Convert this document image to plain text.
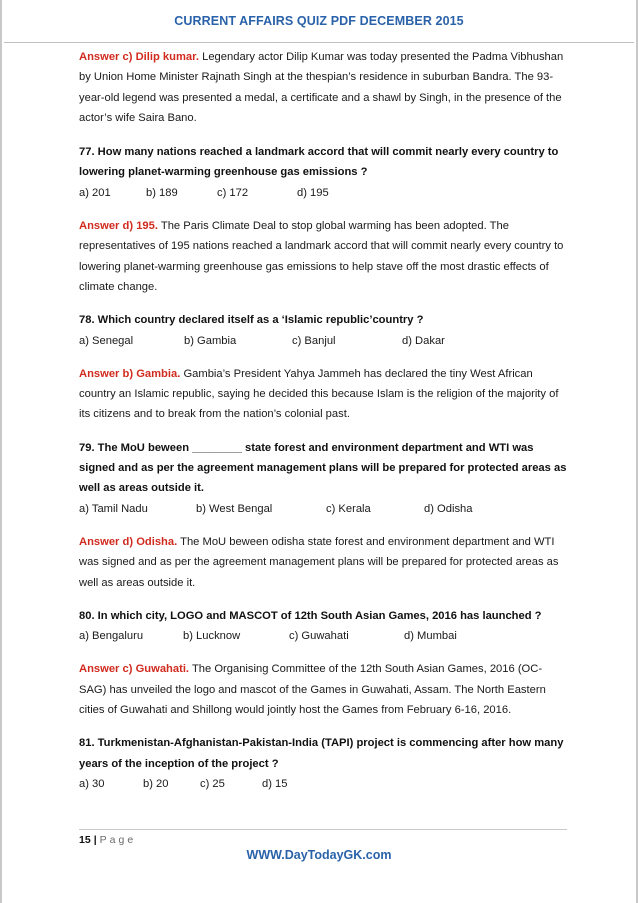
CURRENT AFFAIRS QUIZ PDF DECEMBER 2015
Answer c) Dilip kumar. Legendary actor Dilip Kumar was today presented the Padma Vibhushan by Union Home Minister Rajnath Singh at the thespian’s residence in suburban Bandra. The 93-year-old legend was presented a medal, a certificate and a shawl by Singh, in the presence of the actor’s wife Saira Bano.
77. How many nations reached a landmark accord that will commit nearly every country to lowering planet-warming greenhouse gas emissions ?
a) 201	b) 189	c) 172	d) 195
Answer d) 195. The Paris Climate Deal to stop global warming has been adopted. The representatives of 195 nations reached a landmark accord that will commit nearly every country to lowering planet-warming greenhouse gas emissions to help stave off the most drastic effects of climate change.
78. Which country declared itself as a ‘Islamic republic’country ?
a) Senegal	b) Gambia	c) Banjul	d) Dakar
Answer b) Gambia. Gambia’s President Yahya Jammeh has declared the tiny West African country an Islamic republic, saying he decided this because Islam is the religion of the majority of its citizens and to break from the nation’s colonial past.
79. The MoU beween ________ state forest and environment department and WTI was signed and as per the agreement management plans will be prepared for protected areas as well as areas outside it.
a) Tamil Nadu	b) West Bengal	c) Kerala	d) Odisha
Answer d) Odisha. The MoU beween odisha state forest and environment department and WTI was signed and as per the agreement management plans will be prepared for protected areas as well as areas outside it.
80. In which city, LOGO and MASCOT of 12th South Asian Games, 2016 has launched ?
a) Bengaluru	b) Lucknow	c) Guwahati	d) Mumbai
Answer c) Guwahati. The Organising Committee of the 12th South Asian Games, 2016 (OC-SAG) has unveiled the logo and mascot of the Games in Guwahati, Assam. The North Eastern cities of Guwahati and Shillong would jointly host the Games from February 6-16, 2016.
81. Turkmenistan-Afghanistan-Pakistan-India (TAPI) project is commencing after how many years of the inception of the project ?
a) 30	b) 20	c) 25	d) 15
15 | Page
WWW.DayTodayGK.com
